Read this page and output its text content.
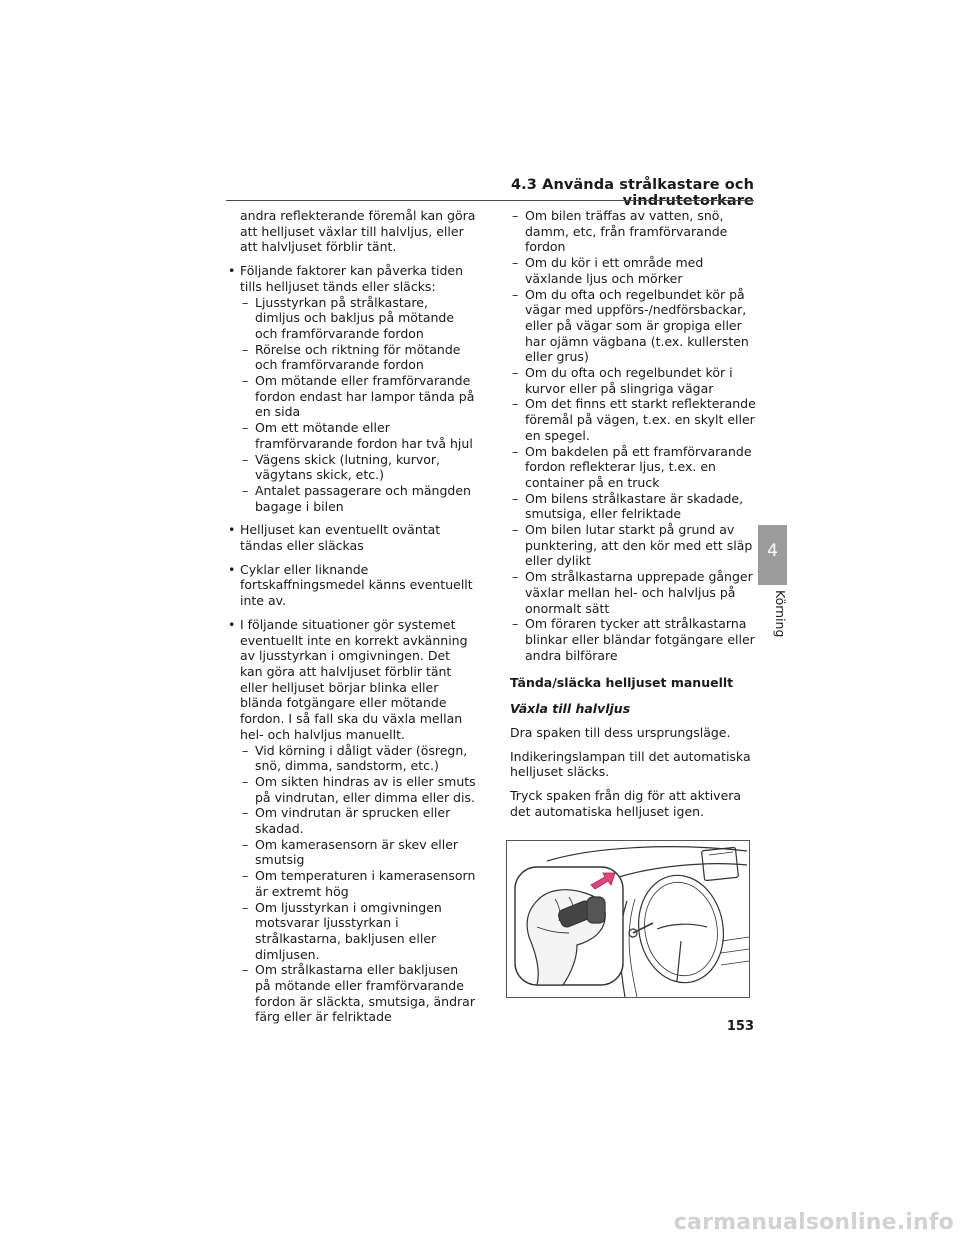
4.3 Använda strålkastare och vindrutetorkare

andra reflekterande föremål kan göra att helljuset växlar till halvljus, eller att halvljuset förblir tänt.

• Följande faktorer kan påverka tiden tills helljuset tänds eller släcks:
– Ljusstyrkan på strålkastare, dimljus och bakljus på mötande och framförvarande fordon
– Rörelse och riktning för mötande och framförvarande fordon
– Om mötande eller framförvarande fordon endast har lampor tända på en sida
– Om ett mötande eller framförvarande fordon har två hjul
– Vägens skick (lutning, kurvor, vägytans skick, etc.)
– Antalet passagerare och mängden bagage i bilen
• Helljuset kan eventuellt oväntat tändas eller släckas
• Cyklar eller liknande fortskaffningsmedel känns eventuellt inte av.
• I följande situationer gör systemet eventuellt inte en korrekt avkänning av ljusstyrkan i omgivningen. Det kan göra att halvljuset förblir tänt eller helljuset börjar blinka eller blända fotgängare eller mötande fordon. I så fall ska du växla mellan hel- och halvljus manuellt.
– Vid körning i dåligt väder (ösregn, snö, dimma, sandstorm, etc.)
– Om sikten hindras av is eller smuts på vindrutan, eller dimma eller dis.
– Om vindrutan är sprucken eller skadad.
– Om kamerasensorn är skev eller smutsig
– Om temperaturen i kamerasensorn är extremt hög
– Om ljusstyrkan i omgivningen motsvarar ljusstyrkan i strålkastarna, bakljusen eller dimljusen.
– Om strålkastarna eller bakljusen på mötande eller framförvarande fordon är släckta, smutsiga, ändrar färg eller är felriktade
– Om bilen träffas av vatten, snö, damm, etc, från framförvarande fordon
– Om du kör i ett område med växlande ljus och mörker
– Om du ofta och regelbundet kör på vägar med uppförs-/nedförsbackar, eller på vägar som är gropiga eller har ojämn vägbana (t.ex. kullersten eller grus)
– Om du ofta och regelbundet kör i kurvor eller på slingriga vägar
– Om det finns ett starkt reflekterande föremål på vägen, t.ex. en skylt eller en spegel.
– Om bakdelen på ett framförvarande fordon reflekterar ljus, t.ex. en container på en truck
– Om bilens strålkastare är skadade, smutsiga, eller felriktade
– Om bilen lutar starkt på grund av punktering, att den kör med ett släp eller dylikt
– Om strålkastarna upprepade gånger växlar mellan hel- och halvljus på onormalt sätt
– Om föraren tycker att strålkastarna blinkar eller bländar fotgängare eller andra bilförare
Tända/släcka helljuset manuellt
Växla till halvljus

Dra spaken till dess ursprungsläge.

Indikeringslampan till det automatiska helljuset släcks.

Tryck spaken från dig för att aktivera det automatiska helljuset igen.

4
Körning
153
carmanualsonline.info
